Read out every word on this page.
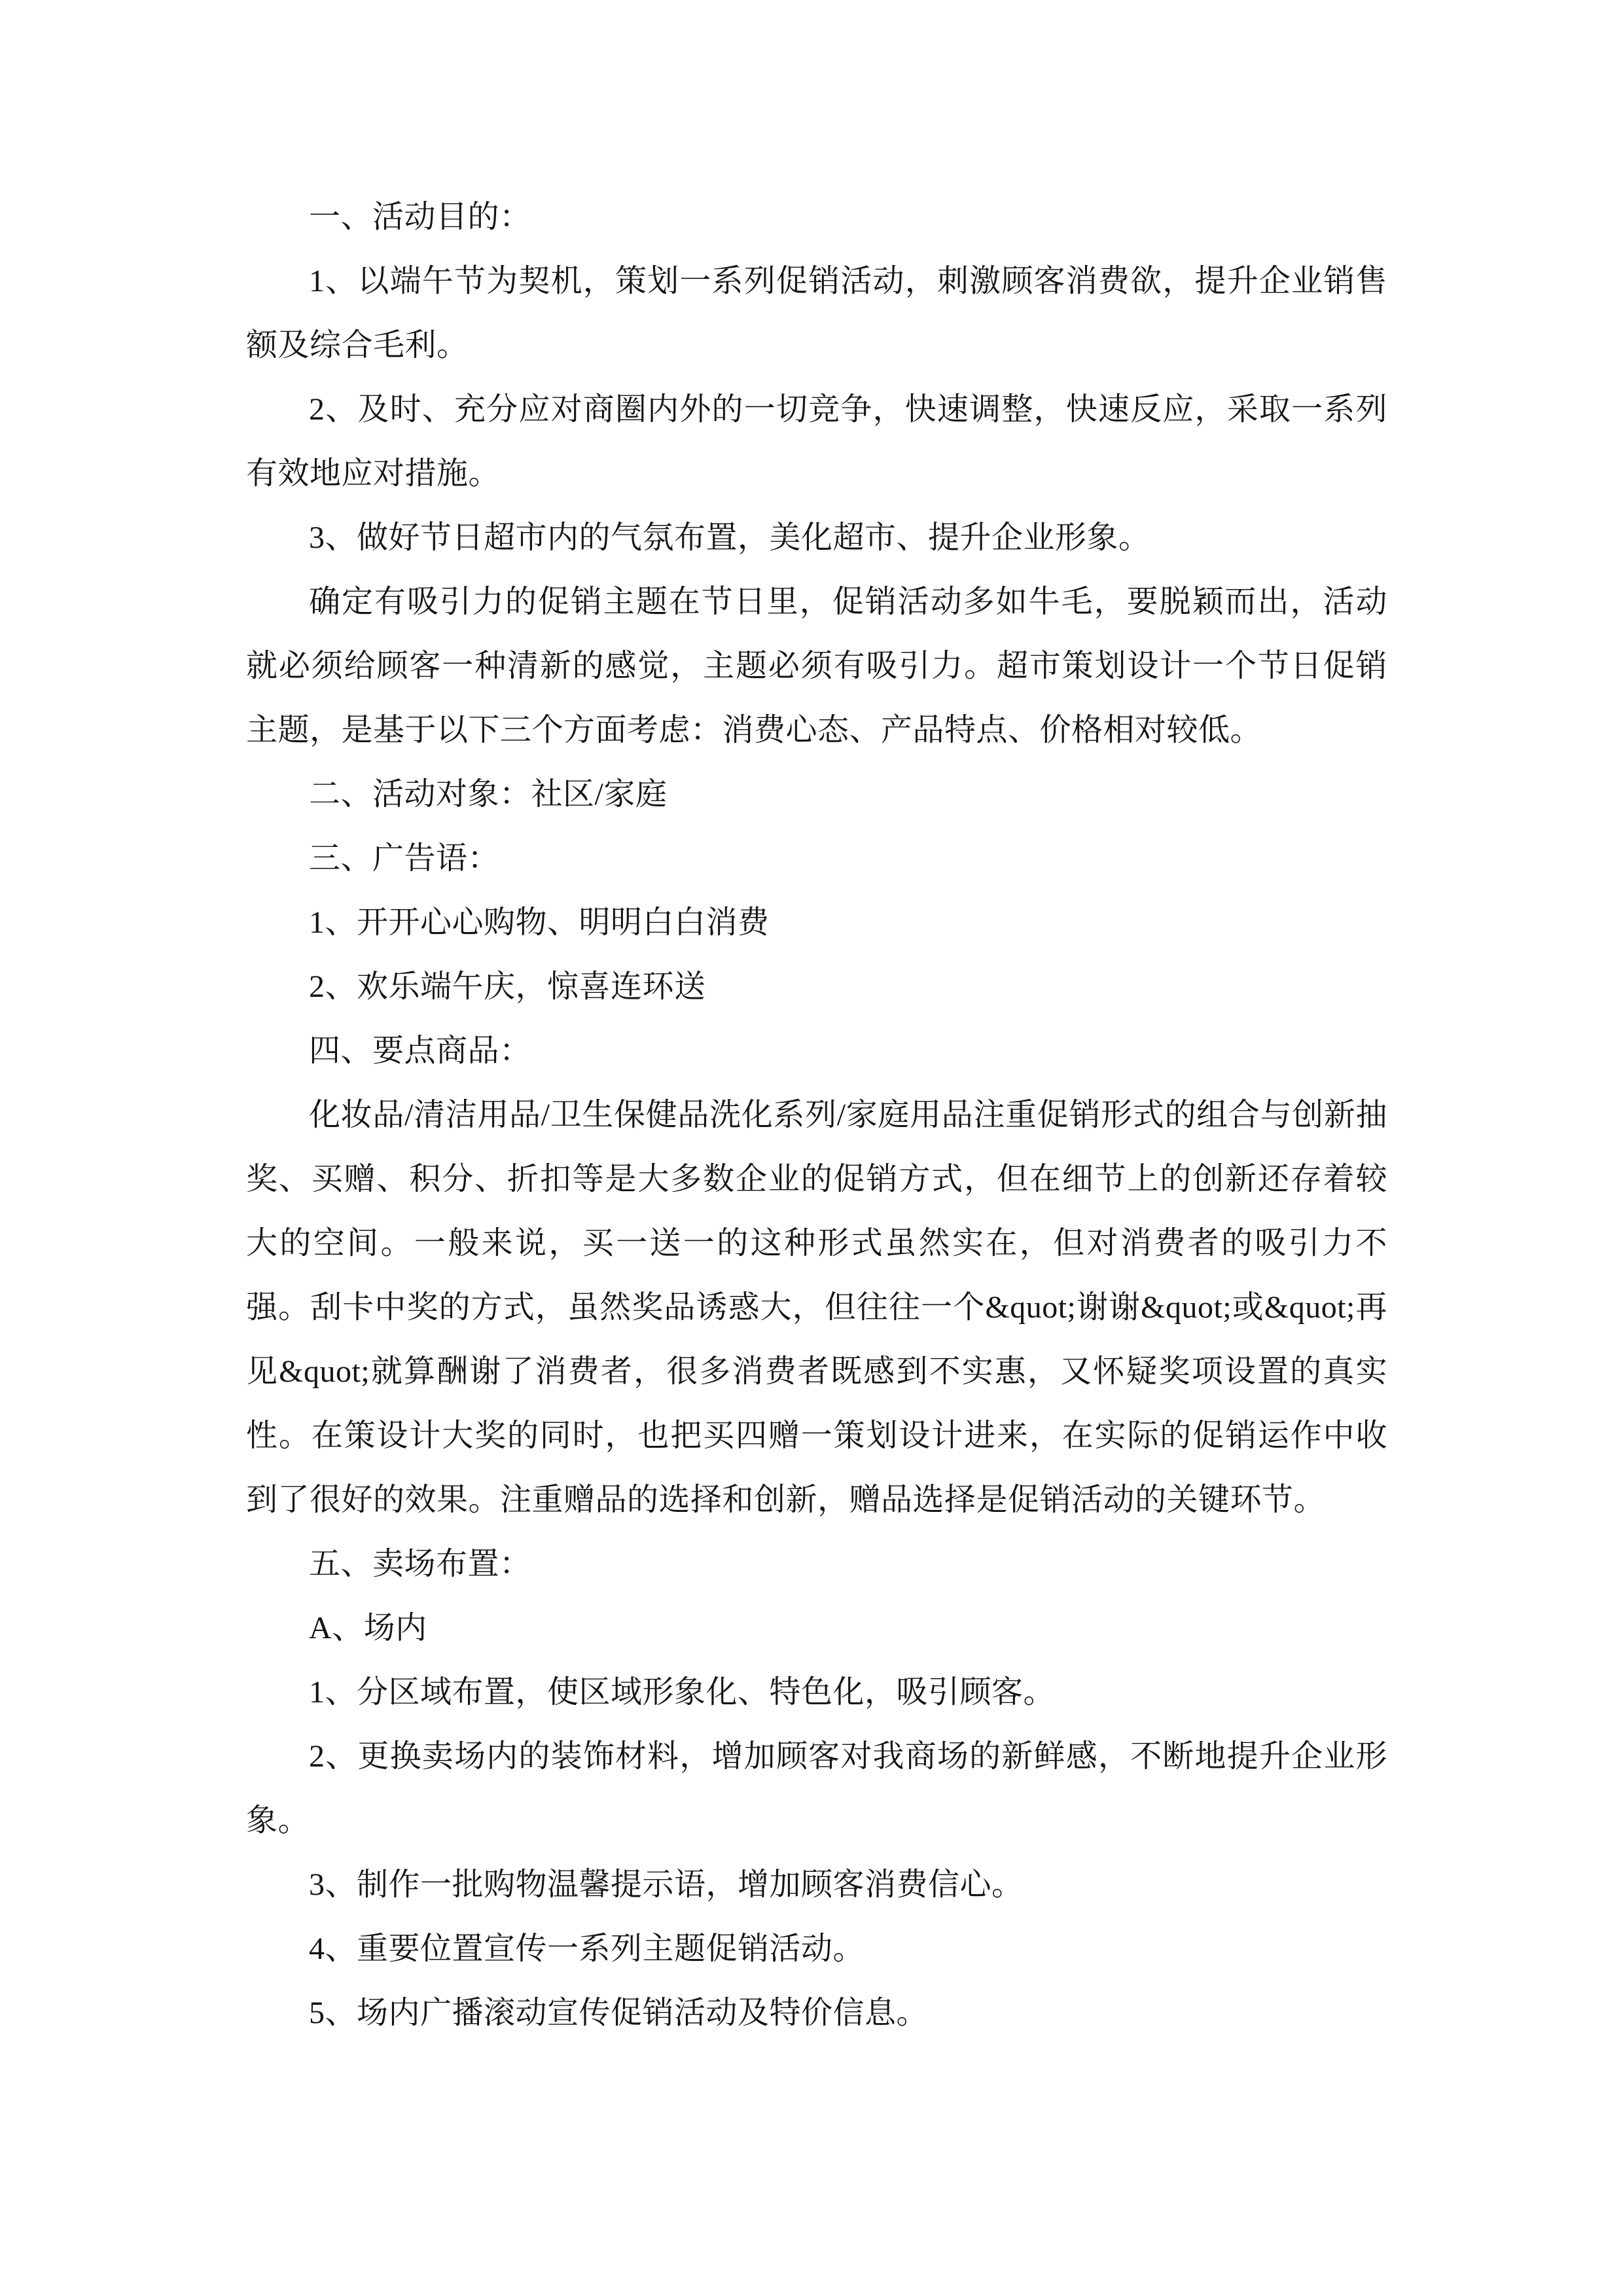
一、活动目的：

1、以端午节为契机，策划一系列促销活动，刺激顾客消费欲，提升企业销售额及综合毛利。

2、及时、充分应对商圈内外的一切竞争，快速调整，快速反应，采取一系列有效地应对措施。

3、做好节日超市内的气氛布置，美化超市、提升企业形象。

确定有吸引力的促销主题在节日里，促销活动多如牛毛，要脱颖而出，活动就必须给顾客一种清新的感觉，主题必须有吸引力。超市策划设计一个节日促销主题，是基于以下三个方面考虑：消费心态、产品特点、价格相对较低。

二、活动对象：社区/家庭

三、广告语：

1、开开心心购物、明明白白消费

2、欢乐端午庆，惊喜连环送

四、要点商品：

化妆品/清洁用品/卫生保健品洗化系列/家庭用品注重促销形式的组合与创新抽奖、买赠、积分、折扣等是大多数企业的促销方式，但在细节上的创新还存着较大的空间。一般来说，买一送一的这种形式虽然实在，但对消费者的吸引力不强。刮卡中奖的方式，虽然奖品诱惑大，但往往一个&quot;谢谢&quot;或&quot;再见&quot;就算酬谢了消费者，很多消费者既感到不实惠，又怀疑奖项设置的真实性。在策设计大奖的同时，也把买四赠一策划设计进来，在实际的促销运作中收到了很好的效果。注重赠品的选择和创新，赠品选择是促销活动的关键环节。

五、卖场布置：

A、场内

1、分区域布置，使区域形象化、特色化，吸引顾客。

2、更换卖场内的装饰材料，增加顾客对我商场的新鲜感，不断地提升企业形象。

3、制作一批购物温馨提示语，增加顾客消费信心。

4、重要位置宣传一系列主题促销活动。

5、场内广播滚动宣传促销活动及特价信息。
